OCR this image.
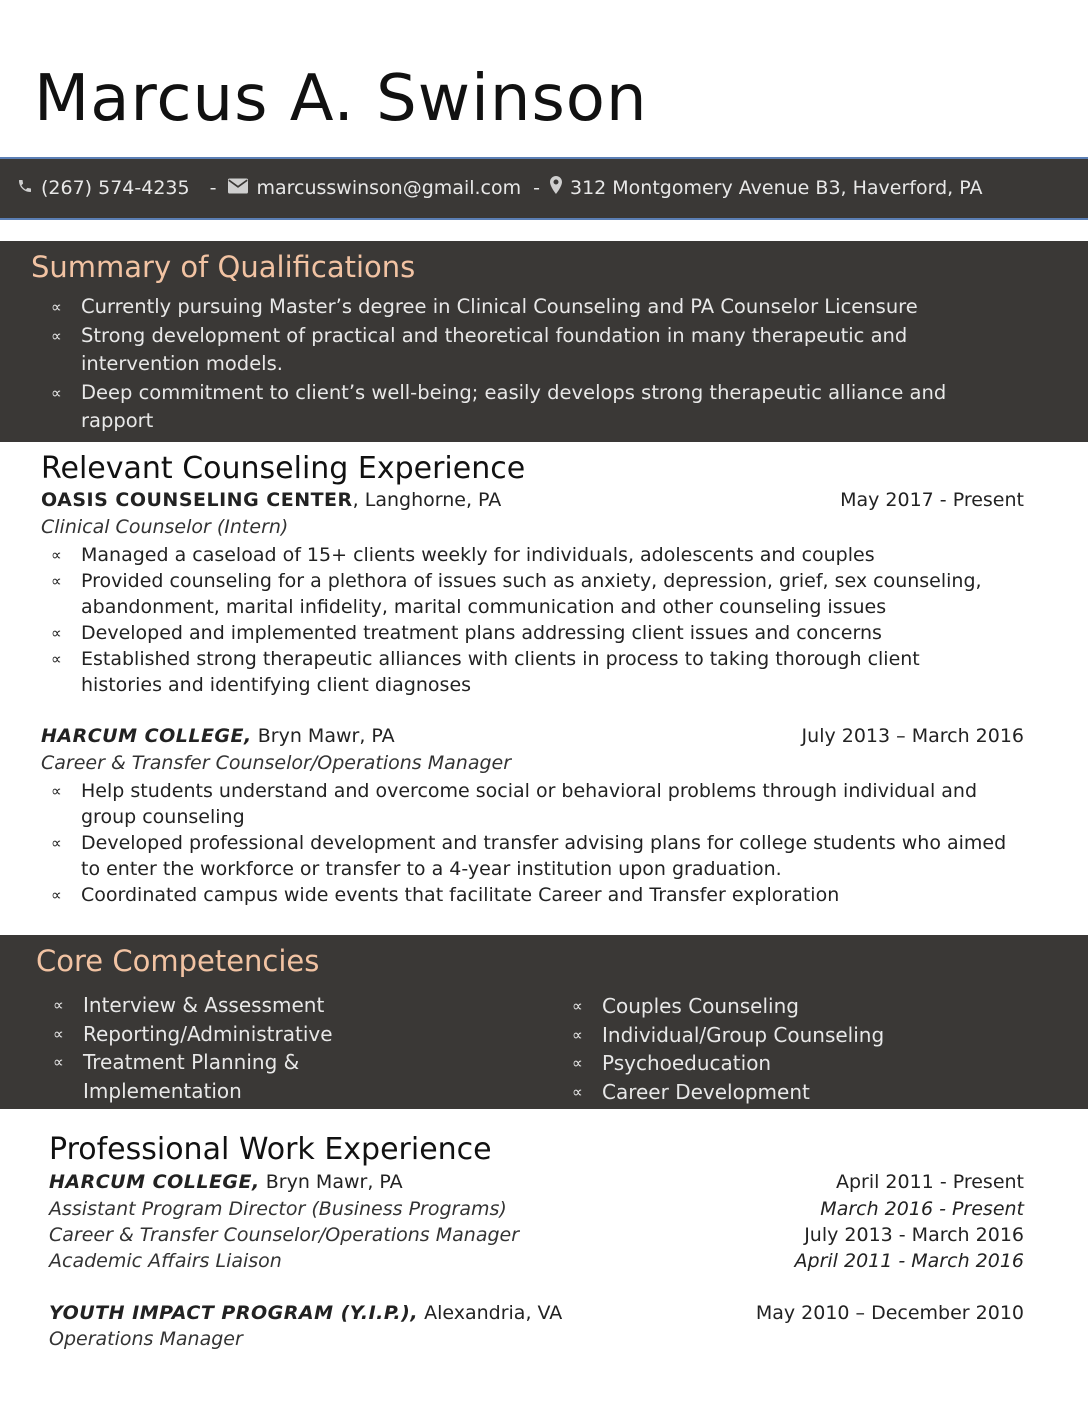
Marcus A. Swinson
(267) 574-4235 - marcusswinson@gmail.com - 312 Montgomery Avenue B3, Haverford, PA
Summary of Qualifications
∝ Currently pursuing Master’s degree in Clinical Counseling and PA Counselor Licensure
∝ Strong development of practical and theoretical foundation in many therapeutic and intervention models.
∝ Deep commitment to client’s well-being; easily develops strong therapeutic alliance and rapport
Relevant Counseling Experience
OASIS COUNSELING CENTER, Langhorne, PA	May 2017 - Present
Clinical Counselor (Intern)
∝ Managed a caseload of 15+ clients weekly for individuals, adolescents and couples
∝ Provided counseling for a plethora of issues such as anxiety, depression, grief, sex counseling, abandonment, marital infidelity, marital communication and other counseling issues
∝ Developed and implemented treatment plans addressing client issues and concerns
∝ Established strong therapeutic alliances with clients in process to taking thorough client histories and identifying client diagnoses
HARCUM COLLEGE, Bryn Mawr, PA	July 2013 – March 2016
Career & Transfer Counselor/Operations Manager
∝ Help students understand and overcome social or behavioral problems through individual and group counseling
∝ Developed professional development and transfer advising plans for college students who aimed to enter the workforce or transfer to a 4-year institution upon graduation.
∝ Coordinated campus wide events that facilitate Career and Transfer exploration
Core Competencies
∝ Interview & Assessment
∝ Reporting/Administrative
∝ Treatment Planning & Implementation
∝ Couples Counseling
∝ Individual/Group Counseling
∝ Psychoeducation
∝ Career Development
Professional Work Experience
HARCUM COLLEGE, Bryn Mawr, PA	April 2011 - Present
Assistant Program Director (Business Programs)	March 2016 - Present
Career & Transfer Counselor/Operations Manager	July 2013 - March 2016
Academic Affairs Liaison	April 2011 - March 2016
YOUTH IMPACT PROGRAM (Y.I.P.), Alexandria, VA	May 2010 – December 2010
Operations Manager
